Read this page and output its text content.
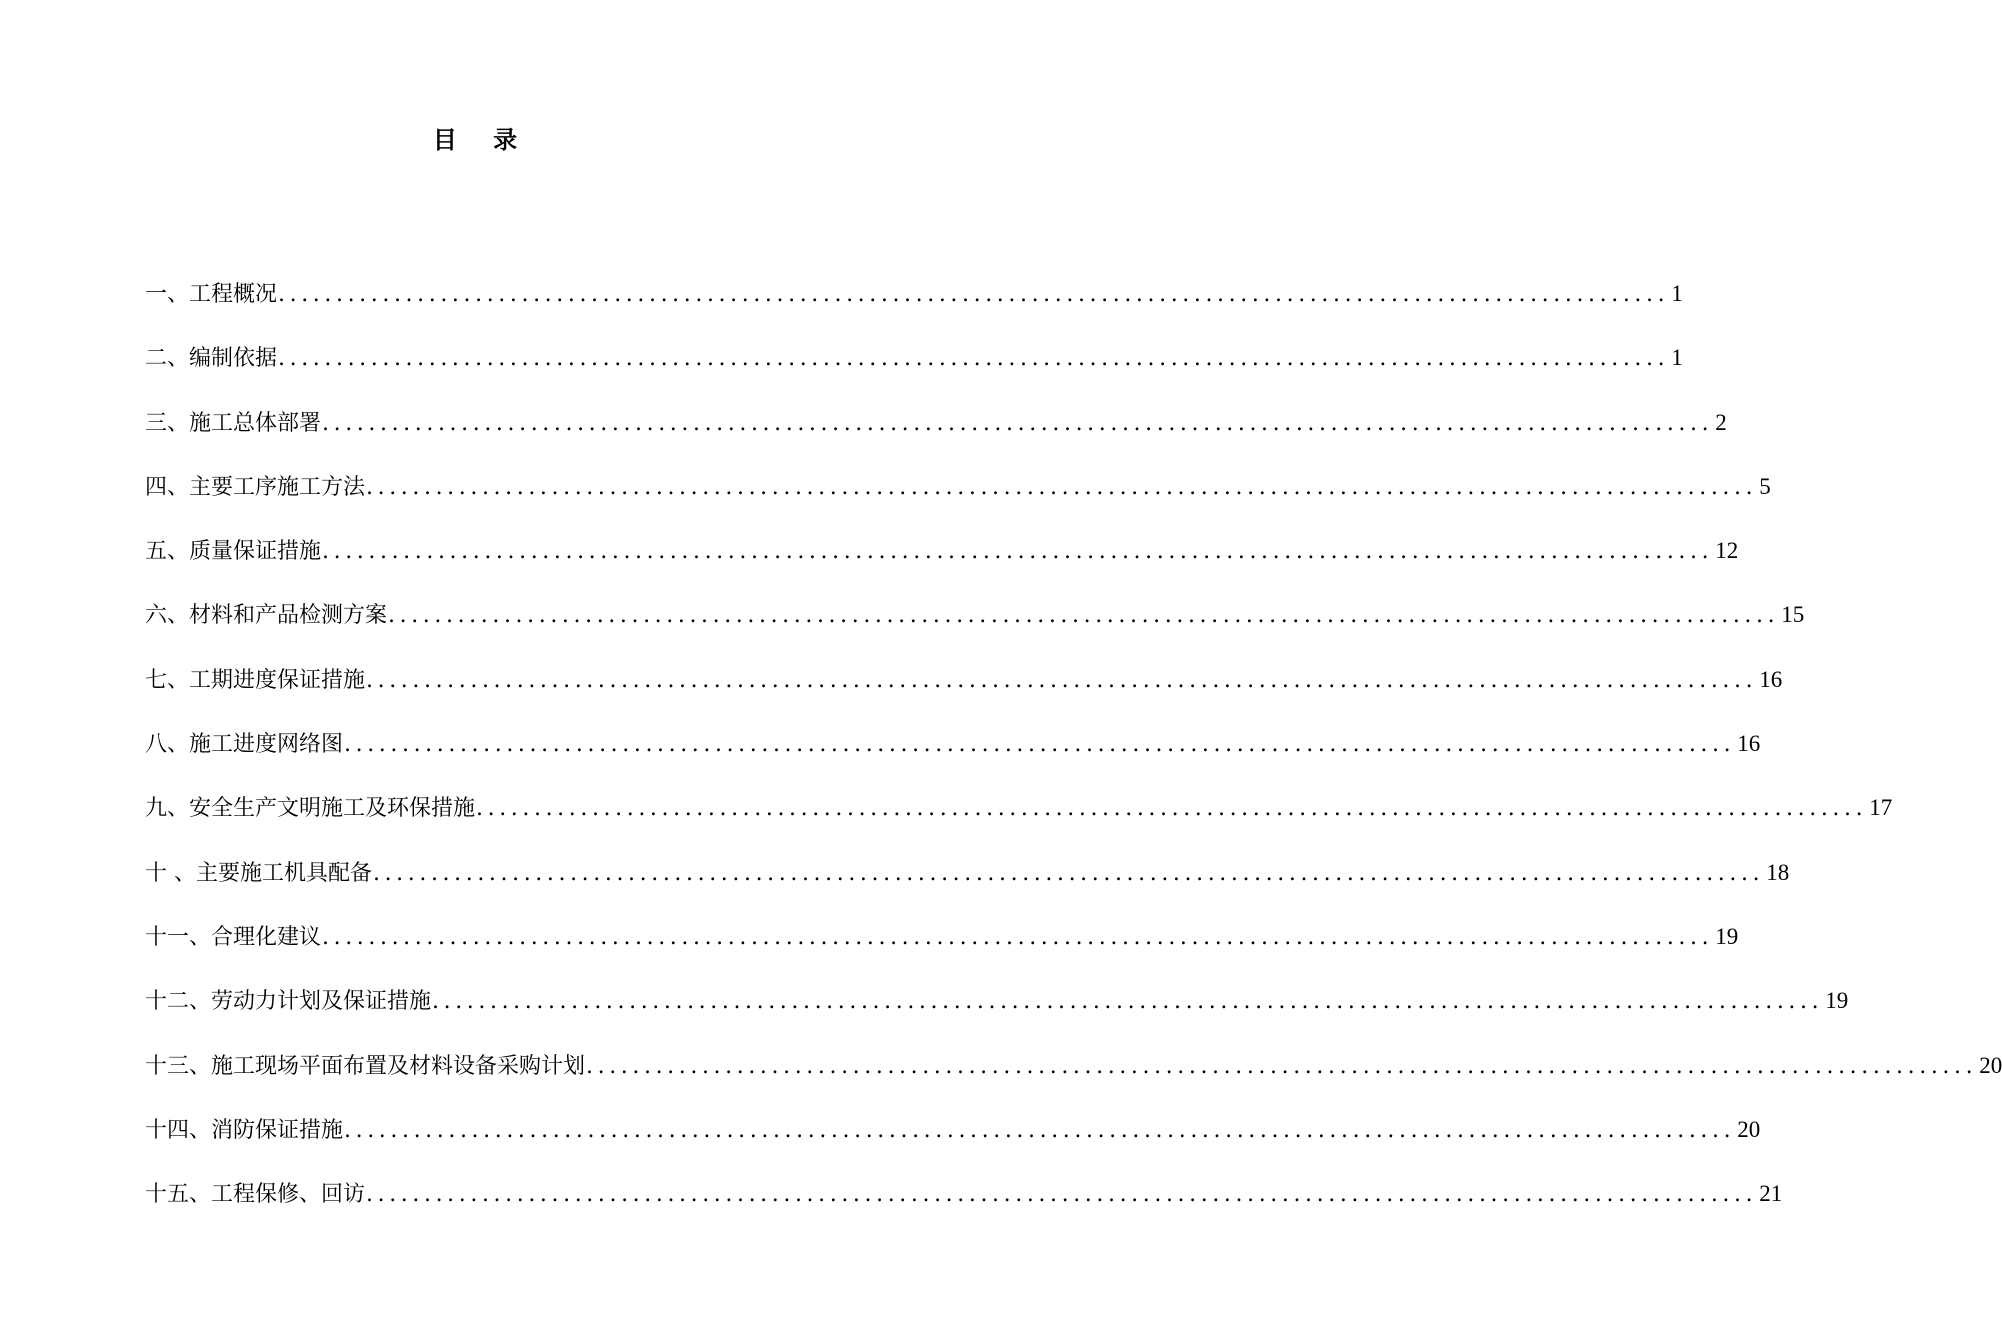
目 录
一、工程概况 ........................................................................................................................ 1
二、编制依据 ........................................................................................................................ 1
三、施工总体部署 ........................................................................................................................ 2
四、主要工序施工方法 ........................................................................................................................ 5
五、质量保证措施 ........................................................................................................................ 12
六、材料和产品检测方案 ........................................................................................................................ 15
七、工期进度保证措施 ........................................................................................................................ 16
八、施工进度网络图 ........................................................................................................................ 16
九、安全生产文明施工及环保措施 ........................................................................................................................ 17
十 、主要施工机具配备 ........................................................................................................................ 18
十一、合理化建议 ........................................................................................................................ 19
十二、劳动力计划及保证措施 ........................................................................................................................ 19
十三、施工现场平面布置及材料设备采购计划 ........................................................................................................................ 20
十四、消防保证措施 ........................................................................................................................ 20
十五、工程保修、回访 ........................................................................................................................ 21
